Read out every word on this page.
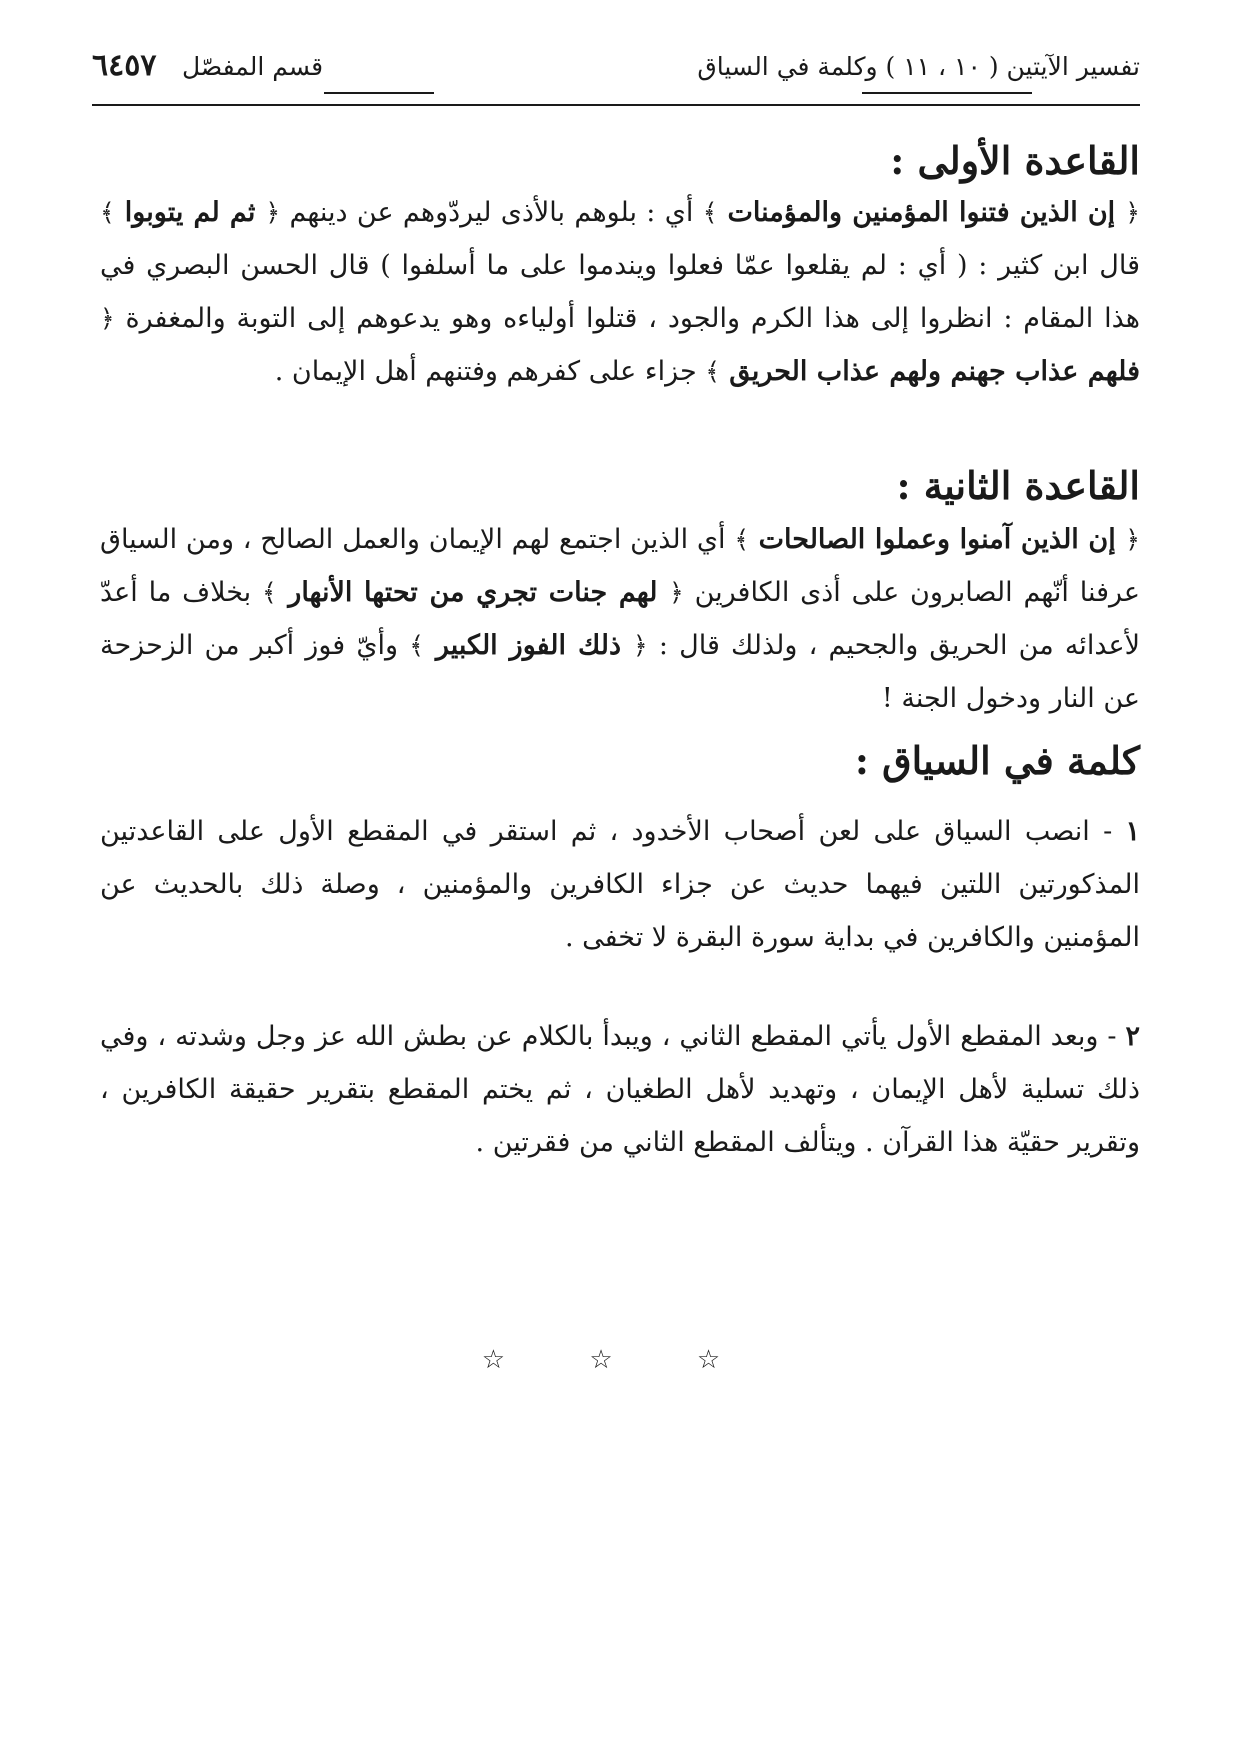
تفسير الآيتين ( ١٠ ، ١١ ) وكلمة في السياق
قسم المفصّل
٦٤٥٧
القاعدة الأولى :

﴿ إن الذين فتنوا المؤمنين والمؤمنات ﴾ أي : بلوهم بالأذى ليردّوهم عن دينهم ﴿ ثم لم يتوبوا ﴾ قال ابن كثير : ( أي : لم يقلعوا عمّا فعلوا ويندموا على ما أسلفوا ) قال الحسن البصري في هذا المقام : انظروا إلى هذا الكرم والجود ، قتلوا أولياءه وهو يدعوهم إلى التوبة والمغفرة ﴿ فلهم عذاب جهنم ولهم عذاب الحريق ﴾ جزاء على كفرهم وفتنهم أهل الإيمان .

القاعدة الثانية :

﴿ إن الذين آمنوا وعملوا الصالحات ﴾ أي الذين اجتمع لهم الإيمان والعمل الصالح ، ومن السياق عرفنا أنّهم الصابرون على أذى الكافرين ﴿ لهم جنات تجري من تحتها الأنهار ﴾ بخلاف ما أعدّ لأعدائه من الحريق والجحيم ، ولذلك قال : ﴿ ذلك الفوز الكبير ﴾ وأيّ فوز أكبر من الزحزحة عن النار ودخول الجنة !

كلمة في السياق :

١ - انصب السياق على لعن أصحاب الأخدود ، ثم استقر في المقطع الأول على القاعدتين المذكورتين اللتين فيهما حديث عن جزاء الكافرين والمؤمنين ، وصلة ذلك بالحديث عن المؤمنين والكافرين في بداية سورة البقرة لا تخفى .

٢ - وبعد المقطع الأول يأتي المقطع الثاني ، ويبدأ بالكلام عن بطش الله عز وجل وشدته ، وفي ذلك تسلية لأهل الإيمان ، وتهديد لأهل الطغيان ، ثم يختم المقطع بتقرير حقيقة الكافرين ، وتقرير حقيّة هذا القرآن . ويتألف المقطع الثاني من فقرتين .

☆ ☆ ☆
